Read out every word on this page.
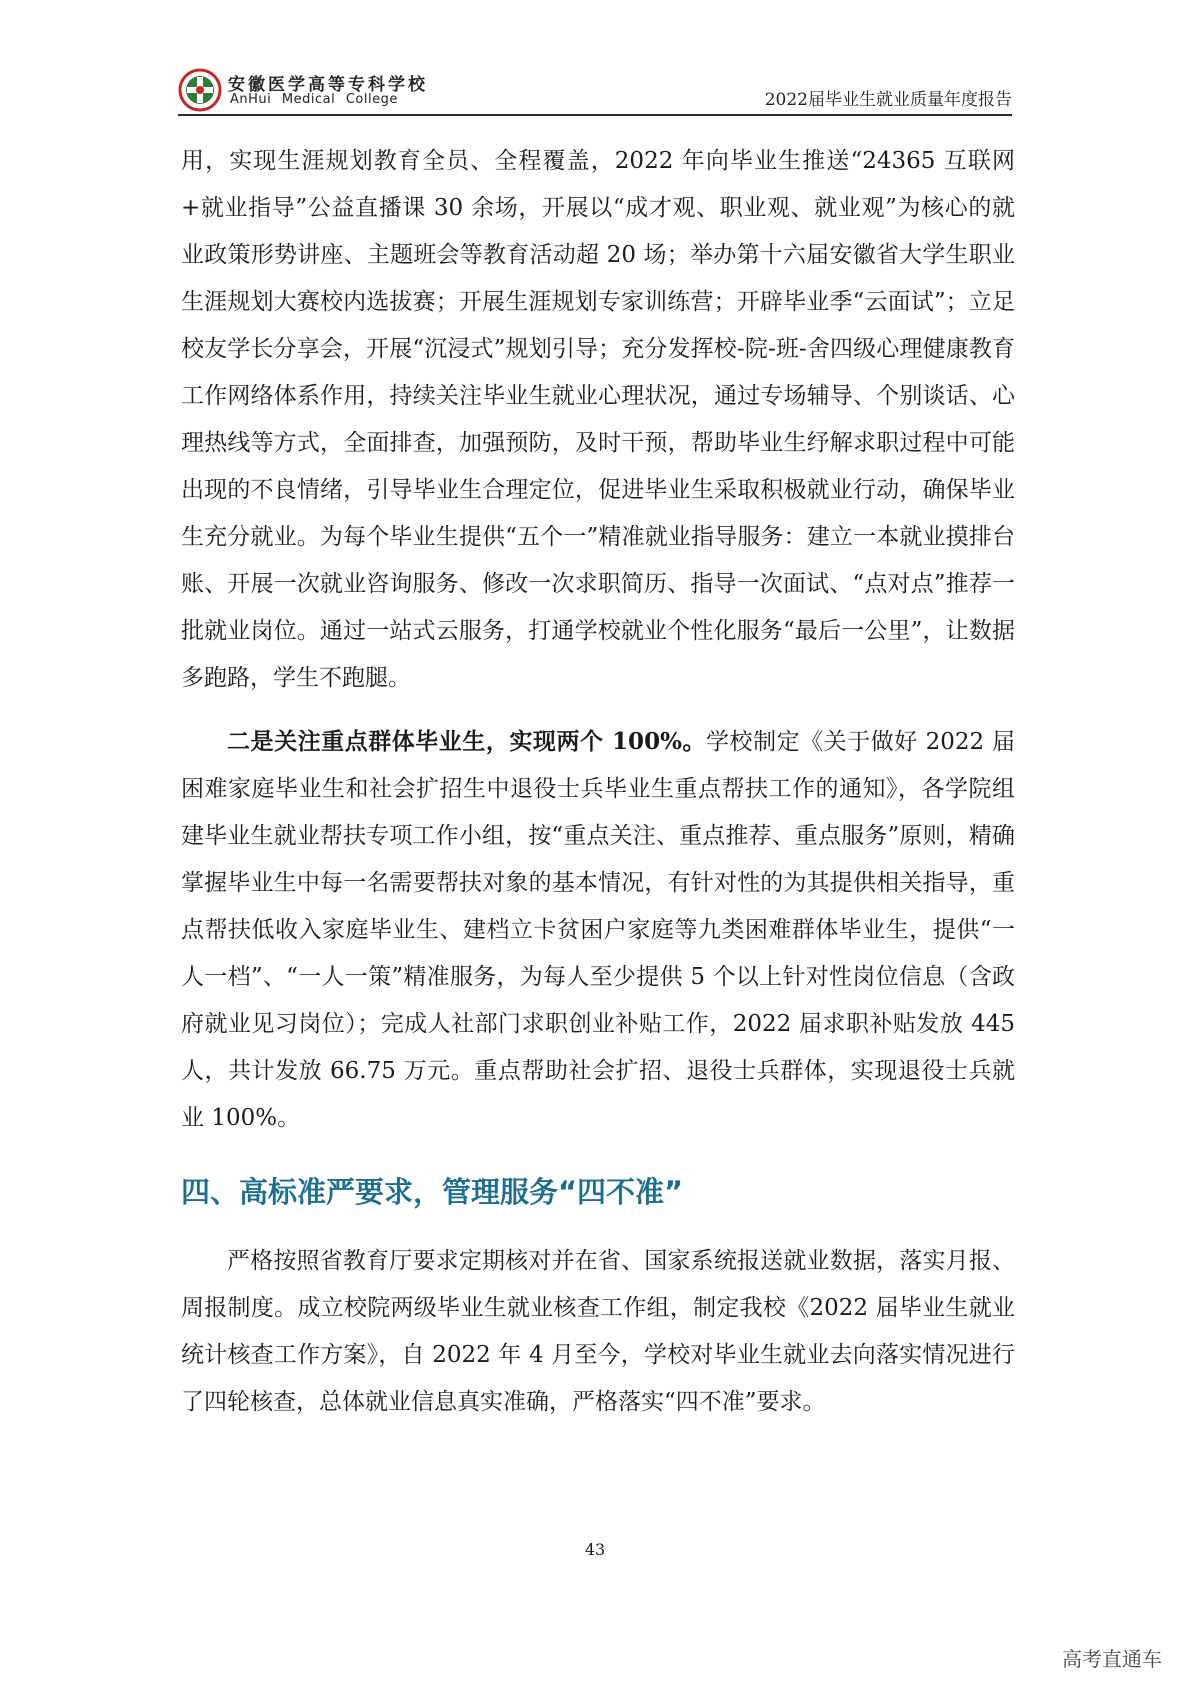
安徽医学高等专科学校
AnHui Medical College	2022届毕业生就业质量年度报告

用，实现生涯规划教育全员、全程覆盖，2022 年向毕业生推送“24365 互联网+就业指导”公益直播课 30 余场，开展以“成才观、职业观、就业观”为核心的就业政策形势讲座、主题班会等教育活动超 20 场；举办第十六届安徽省大学生职业生涯规划大赛校内选拔赛；开展生涯规划专家训练营；开辟毕业季“云面试”；立足校友学长分享会，开展“沉浸式”规划引导；充分发挥校-院-班-舍四级心理健康教育工作网络体系作用，持续关注毕业生就业心理状况，通过专场辅导、个别谈话、心理热线等方式，全面排查，加强预防，及时干预，帮助毕业生纾解求职过程中可能出现的不良情绪，引导毕业生合理定位，促进毕业生采取积极就业行动，确保毕业生充分就业。为每个毕业生提供“五个一”精准就业指导服务：建立一本就业摸排台账、开展一次就业咨询服务、修改一次求职简历、指导一次面试、“点对点”推荐一批就业岗位。通过一站式云服务，打通学校就业个性化服务“最后一公里”，让数据多跑路，学生不跑腿。

二是关注重点群体毕业生，实现两个 100%。学校制定《关于做好 2022 届困难家庭毕业生和社会扩招生中退役士兵毕业生重点帮扶工作的通知》，各学院组建毕业生就业帮扶专项工作小组，按“重点关注、重点推荐、重点服务”原则，精确掌握毕业生中每一名需要帮扶对象的基本情况，有针对性的为其提供相关指导，重点帮扶低收入家庭毕业生、建档立卡贫困户家庭等九类困难群体毕业生，提供“一人一档”、“一人一策”精准服务，为每人至少提供 5 个以上针对性岗位信息（含政府就业见习岗位）；完成人社部门求职创业补贴工作，2022 届求职补贴发放 445 人，共计发放 66.75 万元。重点帮助社会扩招、退役士兵群体，实现退役士兵就业 100%。

四、高标准严要求，管理服务“四不准”

严格按照省教育厅要求定期核对并在省、国家系统报送就业数据，落实月报、周报制度。成立校院两级毕业生就业核查工作组，制定我校《2022 届毕业生就业统计核查工作方案》，自 2022 年 4 月至今，学校对毕业生就业去向落实情况进行了四轮核查，总体就业信息真实准确，严格落实“四不准”要求。

43
高考直通车
